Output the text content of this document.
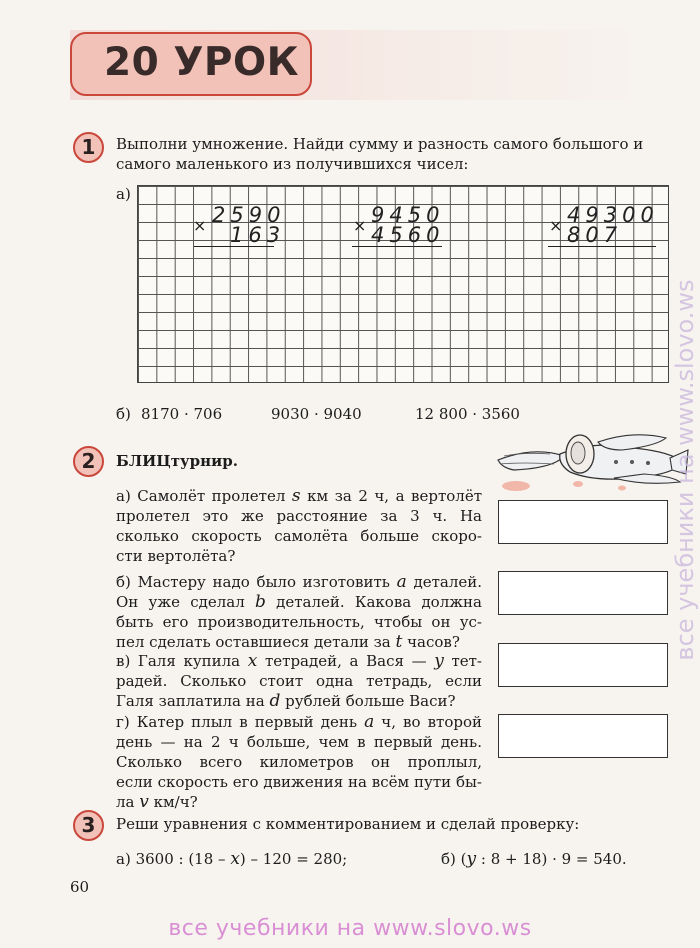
20 УРОК
1	Выполни умножение. Найди сумму и разность самого большого и
самого маленького из получившихся чисел:
а)
× 2590
163	× 9450
4560	× 49300
807
б) 8170 · 706	9030 · 9040	12 800 · 3560
2	БЛИЦтурнир.
а) Самолёт пролетел s км за 2 ч, а вертолёт
пролетел это же расстояние за 3 ч. На
сколько скорость самолёта больше скоро-
сти вертолёта?
б) Мастеру надо было изготовить a деталей.
Он уже сделал b деталей. Какова должна
быть его производительность, чтобы он ус-
пел сделать оставшиеся детали за t часов?
в) Галя купила x тетрадей, а Вася — y тет-
радей. Сколько стоит одна тетрадь, если
Галя заплатила на d рублей больше Васи?
г) Катер плыл в первый день a ч, во второй
день — на 2 ч больше, чем в первый день.
Сколько всего километров он проплыл,
если скорость его движения на всём пути бы-
ла v км/ч?
3	Реши уравнения с комментированием и сделай проверку:
а) 3600 : (18 – x) – 120 = 280;	б) (y : 8 + 18) · 9 = 540.
60
все учебники на www.slovo.ws
все учебники на www.slovo.ws
